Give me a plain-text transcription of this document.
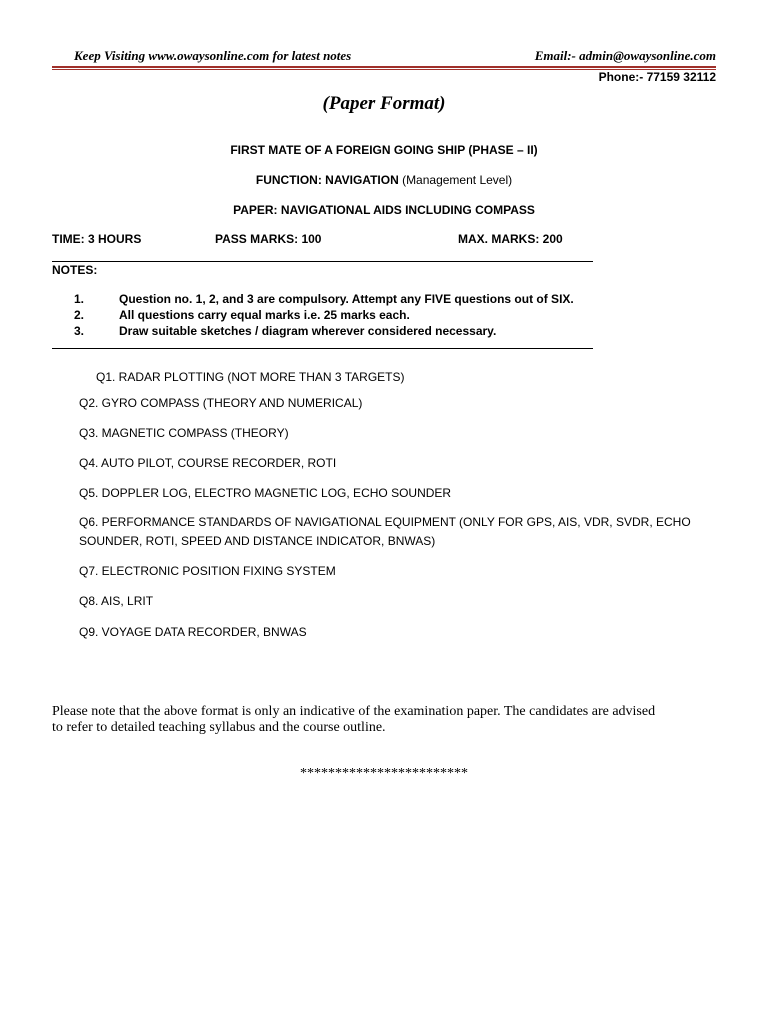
Keep Visiting www.owaysonline.com for latest notes	Email:- admin@owaysonline.com
Phone:- 77159 32112
(Paper Format)
FIRST MATE OF A FOREIGN GOING SHIP (PHASE – II)
FUNCTION: NAVIGATION (Management Level)
PAPER: NAVIGATIONAL AIDS INCLUDING COMPASS
TIME: 3 HOURS	PASS MARKS: 100	MAX. MARKS: 200
NOTES:
1.	Question no. 1, 2, and 3 are compulsory. Attempt any FIVE questions out of SIX.
2.	All questions carry equal marks i.e. 25 marks each.
3.	Draw suitable sketches / diagram wherever considered necessary.
Q1. RADAR PLOTTING (NOT MORE THAN 3 TARGETS)
Q2. GYRO COMPASS (THEORY AND NUMERICAL)
Q3. MAGNETIC COMPASS (THEORY)
Q4. AUTO PILOT, COURSE RECORDER, ROTI
Q5. DOPPLER LOG, ELECTRO MAGNETIC LOG, ECHO SOUNDER
Q6. PERFORMANCE STANDARDS OF NAVIGATIONAL EQUIPMENT (ONLY FOR GPS, AIS, VDR, SVDR, ECHO
SOUNDER, ROTI, SPEED AND DISTANCE INDICATOR, BNWAS)
Q7. ELECTRONIC POSITION FIXING SYSTEM
Q8. AIS, LRIT
Q9. VOYAGE DATA RECORDER, BNWAS
Please note that the above format is only an indicative of the examination paper. The candidates are advised
to refer to detailed teaching syllabus and the course outline.
************************
